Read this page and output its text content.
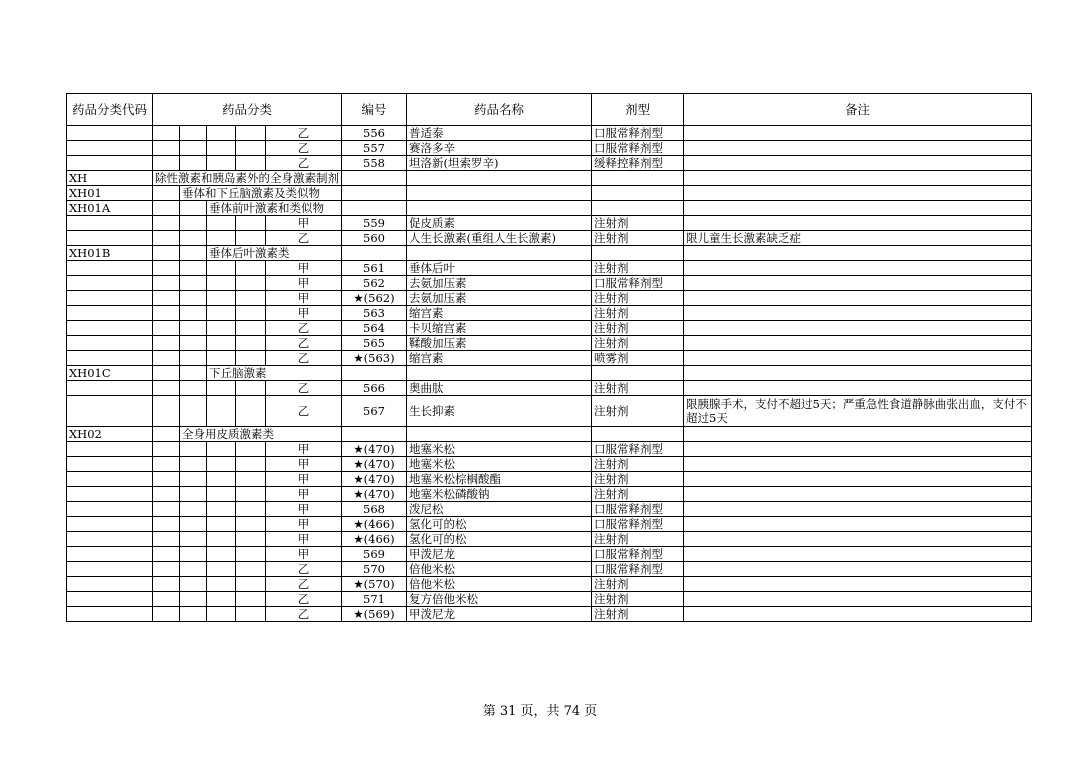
药品分类代码	药品分类					编号	药品名称	剂型	备注
					乙	556	普适泰	口服常释剂型	
					乙	557	赛洛多辛	口服常释剂型	
					乙	558	坦洛新(坦索罗辛)	缓释控释剂型	
XH	除性激素和胰岛素外的全身激素制剂								
XH01		垂体和下丘脑激素及类似物							
XH01A			垂体前叶激素和类似物						
					甲	559	促皮质素	注射剂	
					乙	560	人生长激素(重组人生长激素)	注射剂	限儿童生长激素缺乏症
XH01B			垂体后叶激素类						
					甲	561	垂体后叶	注射剂	
					甲	562	去氨加压素	口服常释剂型	
					甲	★(562)	去氨加压素	注射剂	
					甲	563	缩宫素	注射剂	
					乙	564	卡贝缩宫素	注射剂	
					乙	565	鞣酸加压素	注射剂	
					乙	★(563)	缩宫素	喷雾剂	
XH01C			下丘脑激素						
					乙	566	奥曲肽	注射剂	
					乙	567	生长抑素	注射剂	限胰腺手术，支付不超过5天；严重急性食道静脉曲张出血，支付不超过5天
XH02		全身用皮质激素类							
					甲	★(470)	地塞米松	口服常释剂型	
					甲	★(470)	地塞米松	注射剂	
					甲	★(470)	地塞米松棕榈酸酯	注射剂	
					甲	★(470)	地塞米松磷酸钠	注射剂	
					甲	568	泼尼松	口服常释剂型	
					甲	★(466)	氢化可的松	口服常释剂型	
					甲	★(466)	氢化可的松	注射剂	
					甲	569	甲泼尼龙	口服常释剂型	
					乙	570	倍他米松	口服常释剂型	
					乙	★(570)	倍他米松	注射剂	
					乙	571	复方倍他米松	注射剂	
					乙	★(569)	甲泼尼龙	注射剂	
第 31 页，共 74 页
